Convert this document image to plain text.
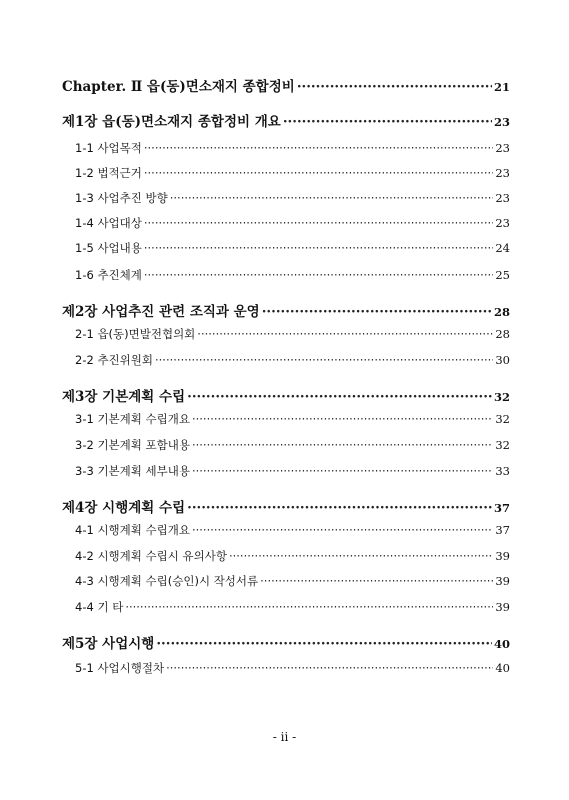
Chapter. Ⅱ 읍(동)면소재지 종합정비 ·····	21
제1장 읍(동)면소재지 종합정비 개요 ·····	23
1-1 사업목적 ·····	23
1-2 법적근거 ·····	23
1-3 사업추진 방향 ·····	23
1-4 사업대상 ·····	23
1-5 사업내용 ·····	24
1-6 추진체계 ·····	25
제2장 사업추진 관련 조직과 운영 ·····	28
2-1 읍(동)면발전협의회 ·····	28
2-2 추진위원회 ·····	30
제3장 기본계획 수립 ·····	32
3-1 기본계획 수립개요 ·····	32
3-2 기본계획 포함내용 ·····	32
3-3 기본계획 세부내용 ·····	33
제4장 시행계획 수립 ·····	37
4-1 시행계획 수립개요 ·····	37
4-2 시행계획 수립시 유의사항 ·····	39
4-3 시행계획 수립(승인)시 작성서류 ·····	39
4-4 기 타 ·····	39
제5장 사업시행 ·····	40
5-1 사업시행절차 ·····	40
- ii -
